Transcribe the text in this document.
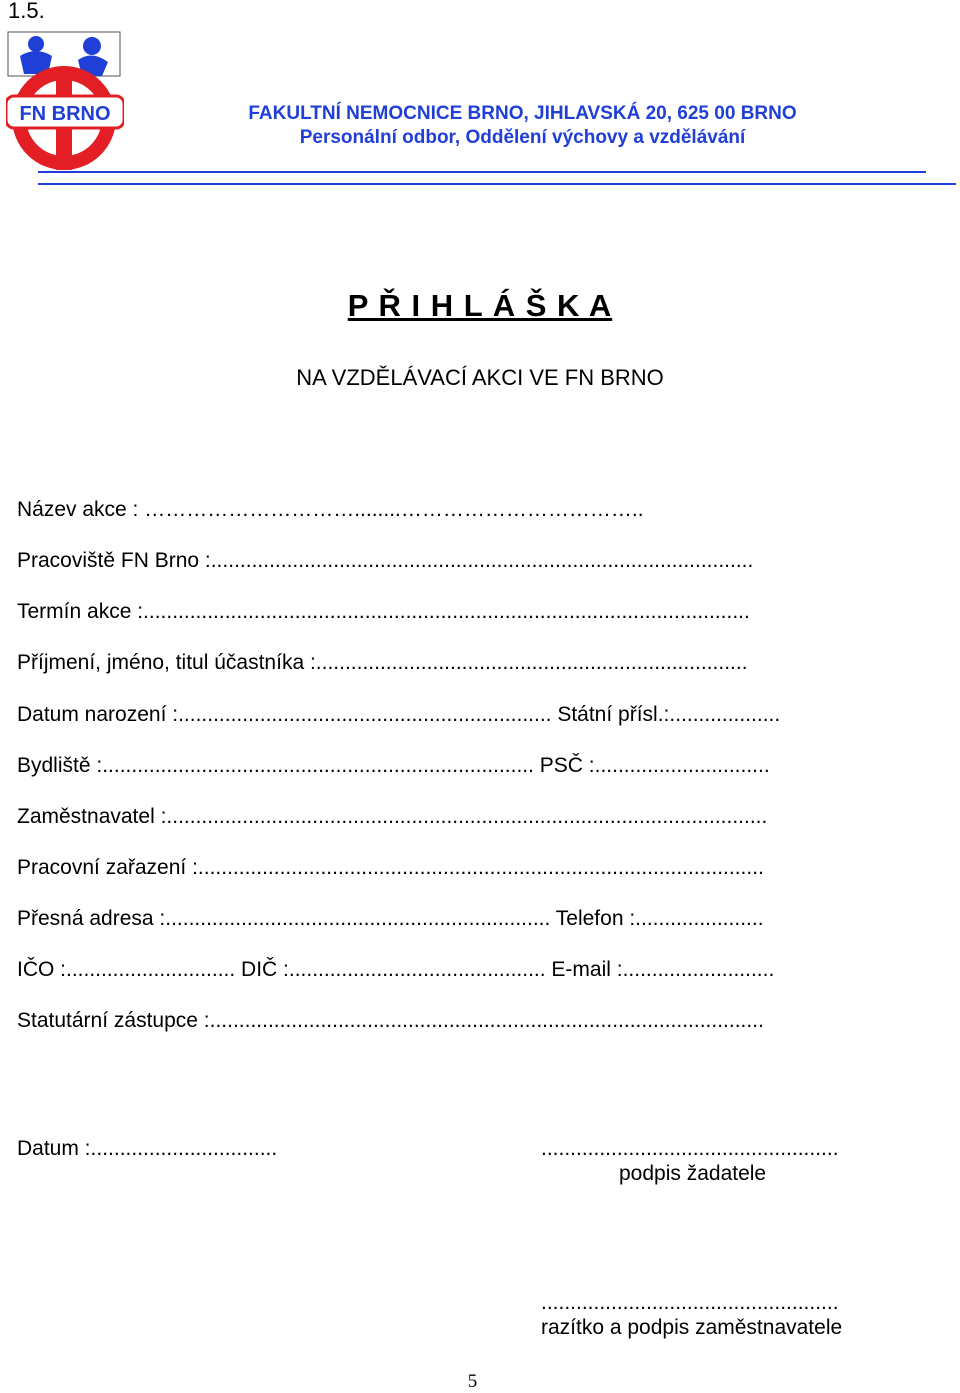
1.5.
FN BRNO	FAKULTNÍ NEMOCNICE BRNO, JIHLAVSKÁ 20, 625 00 BRNO
Personální odbor, Oddělení výchovy a vzdělávání
P Ř I H L Á Š K A
NA VZDĚLÁVACÍ AKCI VE FN BRNO
Název akce : …………………………........……………………………..
Pracoviště FN Brno :.............................................................................................
Termín akce :........................................................................................................
Příjmení, jméno, titul účastníka :..........................................................................
Datum narození :................................................................ Státní přísl.:...................
Bydliště :.......................................................................... PSČ :..............................
Zaměstnavatel :.......................................................................................................
Pracovní zařazení :.................................................................................................
Přesná adresa :.................................................................. Telefon :......................
IČO :............................. DIČ :............................................ E-mail :..........................
Statutární zástupce :...............................................................................................
Datum :................................	...................................................
podpis žadatele
...................................................
razítko a podpis zaměstnavatele
5
